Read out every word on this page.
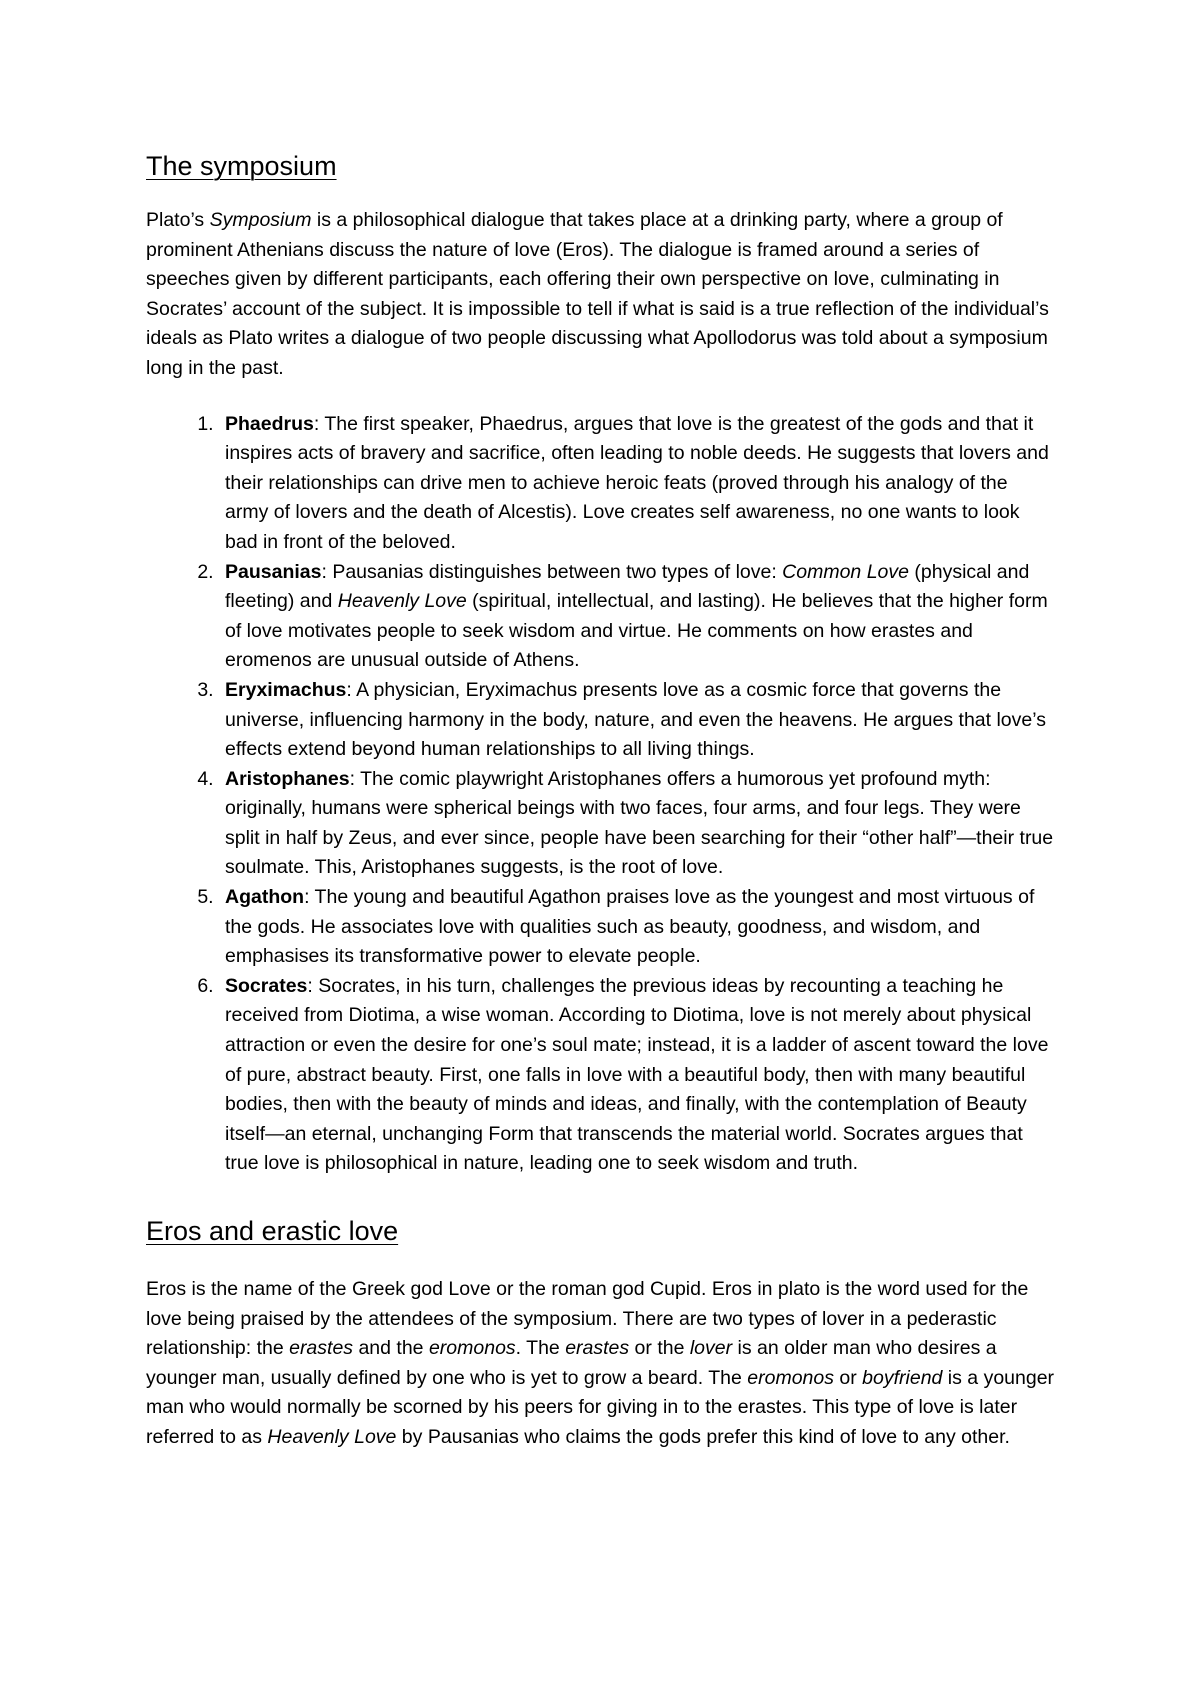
The symposium

Plato’s Symposium is a philosophical dialogue that takes place at a drinking party, where a group of prominent Athenians discuss the nature of love (Eros). The dialogue is framed around a series of speeches given by different participants, each offering their own perspective on love, culminating in Socrates’ account of the subject. It is impossible to tell if what is said is a true reflection of the individual’s ideals as Plato writes a dialogue of two people discussing what Apollodorus was told about a symposium long in the past.

1. Phaedrus: The first speaker, Phaedrus, argues that love is the greatest of the gods and that it inspires acts of bravery and sacrifice, often leading to noble deeds. He suggests that lovers and their relationships can drive men to achieve heroic feats (proved through his analogy of the army of lovers and the death of Alcestis). Love creates self awareness, no one wants to look bad in front of the beloved.
2. Pausanias: Pausanias distinguishes between two types of love: Common Love (physical and fleeting) and Heavenly Love (spiritual, intellectual, and lasting). He believes that the higher form of love motivates people to seek wisdom and virtue. He comments on how erastes and eromenos are unusual outside of Athens.
3. Eryximachus: A physician, Eryximachus presents love as a cosmic force that governs the universe, influencing harmony in the body, nature, and even the heavens. He argues that love’s effects extend beyond human relationships to all living things.
4. Aristophanes: The comic playwright Aristophanes offers a humorous yet profound myth: originally, humans were spherical beings with two faces, four arms, and four legs. They were split in half by Zeus, and ever since, people have been searching for their “other half”—their true soulmate. This, Aristophanes suggests, is the root of love.
5. Agathon: The young and beautiful Agathon praises love as the youngest and most virtuous of the gods. He associates love with qualities such as beauty, goodness, and wisdom, and emphasises its transformative power to elevate people.
6. Socrates: Socrates, in his turn, challenges the previous ideas by recounting a teaching he received from Diotima, a wise woman. According to Diotima, love is not merely about physical attraction or even the desire for one’s soul mate; instead, it is a ladder of ascent toward the love of pure, abstract beauty. First, one falls in love with a beautiful body, then with many beautiful bodies, then with the beauty of minds and ideas, and finally, with the contemplation of Beauty itself—an eternal, unchanging Form that transcends the material world. Socrates argues that true love is philosophical in nature, leading one to seek wisdom and truth.
Eros and erastic love

Eros is the name of the Greek god Love or the roman god Cupid. Eros in plato is the word used for the love being praised by the attendees of the symposium. There are two types of lover in a pederastic relationship: the erastes and the eromonos. The erastes or the lover is an older man who desires a younger man, usually defined by one who is yet to grow a beard. The eromonos or boyfriend is a younger man who would normally be scorned by his peers for giving in to the erastes. This type of love is later referred to as Heavenly Love by Pausanias who claims the gods prefer this kind of love to any other.
